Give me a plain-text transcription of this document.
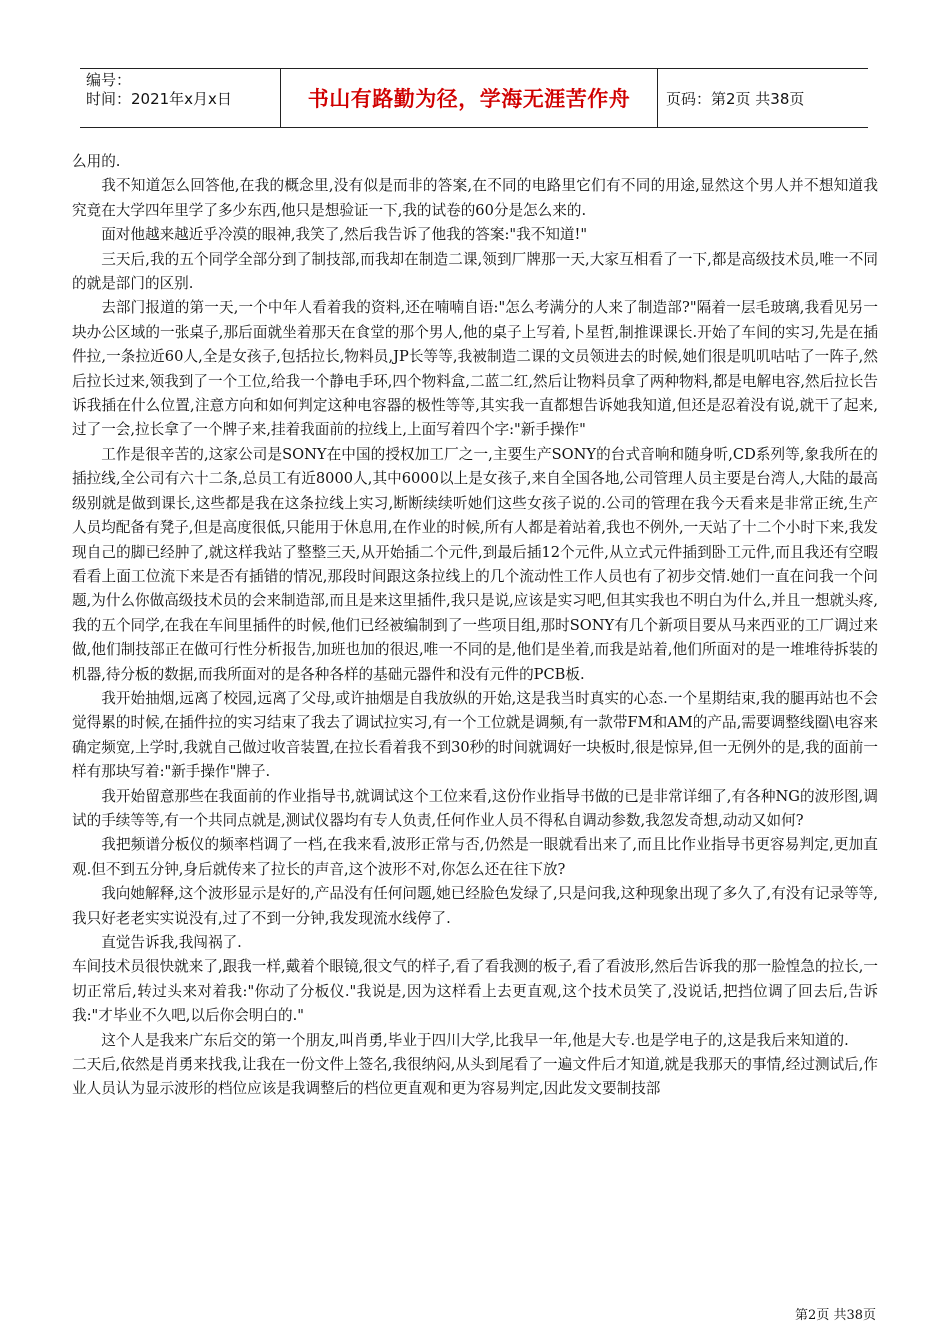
编号：
时间：2021年x月x日	书山有路勤为径，学海无涯苦作舟	页码：第2页 共38页

么用的.

我不知道怎么回答他,在我的概念里,没有似是而非的答案,在不同的电路里它们有不同的用途,显然这个男人并不想知道我究竟在大学四年里学了多少东西,他只是想验证一下,我的试卷的60分是怎么来的.

面对他越来越近乎冷漠的眼神,我笑了,然后我告诉了他我的答案:"我不知道!"

三天后,我的五个同学全部分到了制技部,而我却在制造二课,领到厂牌那一天,大家互相看了一下,都是高级技术员,唯一不同的就是部门的区别.

去部门报道的第一天,一个中年人看着我的资料,还在喃喃自语:"怎么考满分的人来了制造部?"隔着一层毛玻璃,我看见另一块办公区域的一张桌子,那后面就坐着那天在食堂的那个男人,他的桌子上写着,卜星哲,制推课课长.开始了车间的实习,先是在插件拉,一条拉近60人,全是女孩子,包括拉长,物料员,JP长等等,我被制造二课的文员领进去的时候,她们很是叽叽咕咕了一阵子,然后拉长过来,领我到了一个工位,给我一个静电手环,四个物料盒,二蓝二红,然后让物料员拿了两种物料,都是电解电容,然后拉长告诉我插在什么位置,注意方向和如何判定这种电容器的极性等等,其实我一直都想告诉她我知道,但还是忍着没有说,就干了起来,过了一会,拉长拿了一个牌子来,挂着我面前的拉线上,上面写着四个字:"新手操作"

工作是很辛苦的,这家公司是SONY在中国的授权加工厂之一,主要生产SONY的台式音响和随身听,CD系列等,象我所在的插拉线,全公司有六十二条,总员工有近8000人,其中6000以上是女孩子,来自全国各地,公司管理人员主要是台湾人,大陆的最高级别就是做到课长,这些都是我在这条拉线上实习,断断续续听她们这些女孩子说的.公司的管理在我今天看来是非常正统,生产人员均配备有凳子,但是高度很低,只能用于休息用,在作业的时候,所有人都是着站着,我也不例外,一天站了十二个小时下来,我发现自己的脚已经肿了,就这样我站了整整三天,从开始插二个元件,到最后插12个元件,从立式元件插到卧工元件,而且我还有空暇看看上面工位流下来是否有插错的情况,那段时间跟这条拉线上的几个流动性工作人员也有了初步交情.她们一直在问我一个问题,为什么你做高级技术员的会来制造部,而且是来这里插件,我只是说,应该是实习吧,但其实我也不明白为什么,并且一想就头疼,我的五个同学,在我在车间里插件的时候,他们已经被编制到了一些项目组,那时SONY有几个新项目要从马来西亚的工厂调过来做,他们制技部正在做可行性分析报告,加班也加的很迟,唯一不同的是,他们是坐着,而我是站着,他们所面对的是一堆堆待拆装的机器,待分板的数据,而我所面对的是各种各样的基础元器件和没有元件的PCB板.

我开始抽烟,远离了校园,远离了父母,或许抽烟是自我放纵的开始,这是我当时真实的心态.一个星期结束,我的腿再站也不会觉得累的时候,在插件拉的实习结束了我去了调试拉实习,有一个工位就是调频,有一款带FM和AM的产品,需要调整线圈\电容来确定频宽,上学时,我就自己做过收音装置,在拉长看着我不到30秒的时间就调好一块板时,很是惊异,但一无例外的是,我的面前一样有那块写着:"新手操作"牌子.

我开始留意那些在我面前的作业指导书,就调试这个工位来看,这份作业指导书做的已是非常详细了,有各种NG的波形图,调试的手续等等,有一个共同点就是,测试仪器均有专人负责,任何作业人员不得私自调动参数,我忽发奇想,动动又如何?

我把频谱分板仪的频率档调了一档,在我来看,波形正常与否,仍然是一眼就看出来了,而且比作业指导书更容易判定,更加直观.但不到五分钟,身后就传来了拉长的声音,这个波形不对,你怎么还在往下放?

我向她解释,这个波形显示是好的,产品没有任何问题,她已经脸色发绿了,只是问我,这种现象出现了多久了,有没有记录等等,我只好老老实实说没有,过了不到一分钟,我发现流水线停了.

直觉告诉我,我闯祸了.

车间技术员很快就来了,跟我一样,戴着个眼镜,很文气的样子,看了看我测的板子,看了看波形,然后告诉我的那一脸惶急的拉长,一切正常后,转过头来对着我:"你动了分板仪."我说是,因为这样看上去更直观,这个技术员笑了,没说话,把挡位调了回去后,告诉我:"才毕业不久吧,以后你会明白的."

这个人是我来广东后交的第一个朋友,叫肖勇,毕业于四川大学,比我早一年,他是大专.也是学电子的,这是我后来知道的.

二天后,依然是肖勇来找我,让我在一份文件上签名,我很纳闷,从头到尾看了一遍文件后才知道,就是我那天的事情,经过测试后,作业人员认为显示波形的档位应该是我调整后的档位更直观和更为容易判定,因此发文要制技部

第2页 共38页
